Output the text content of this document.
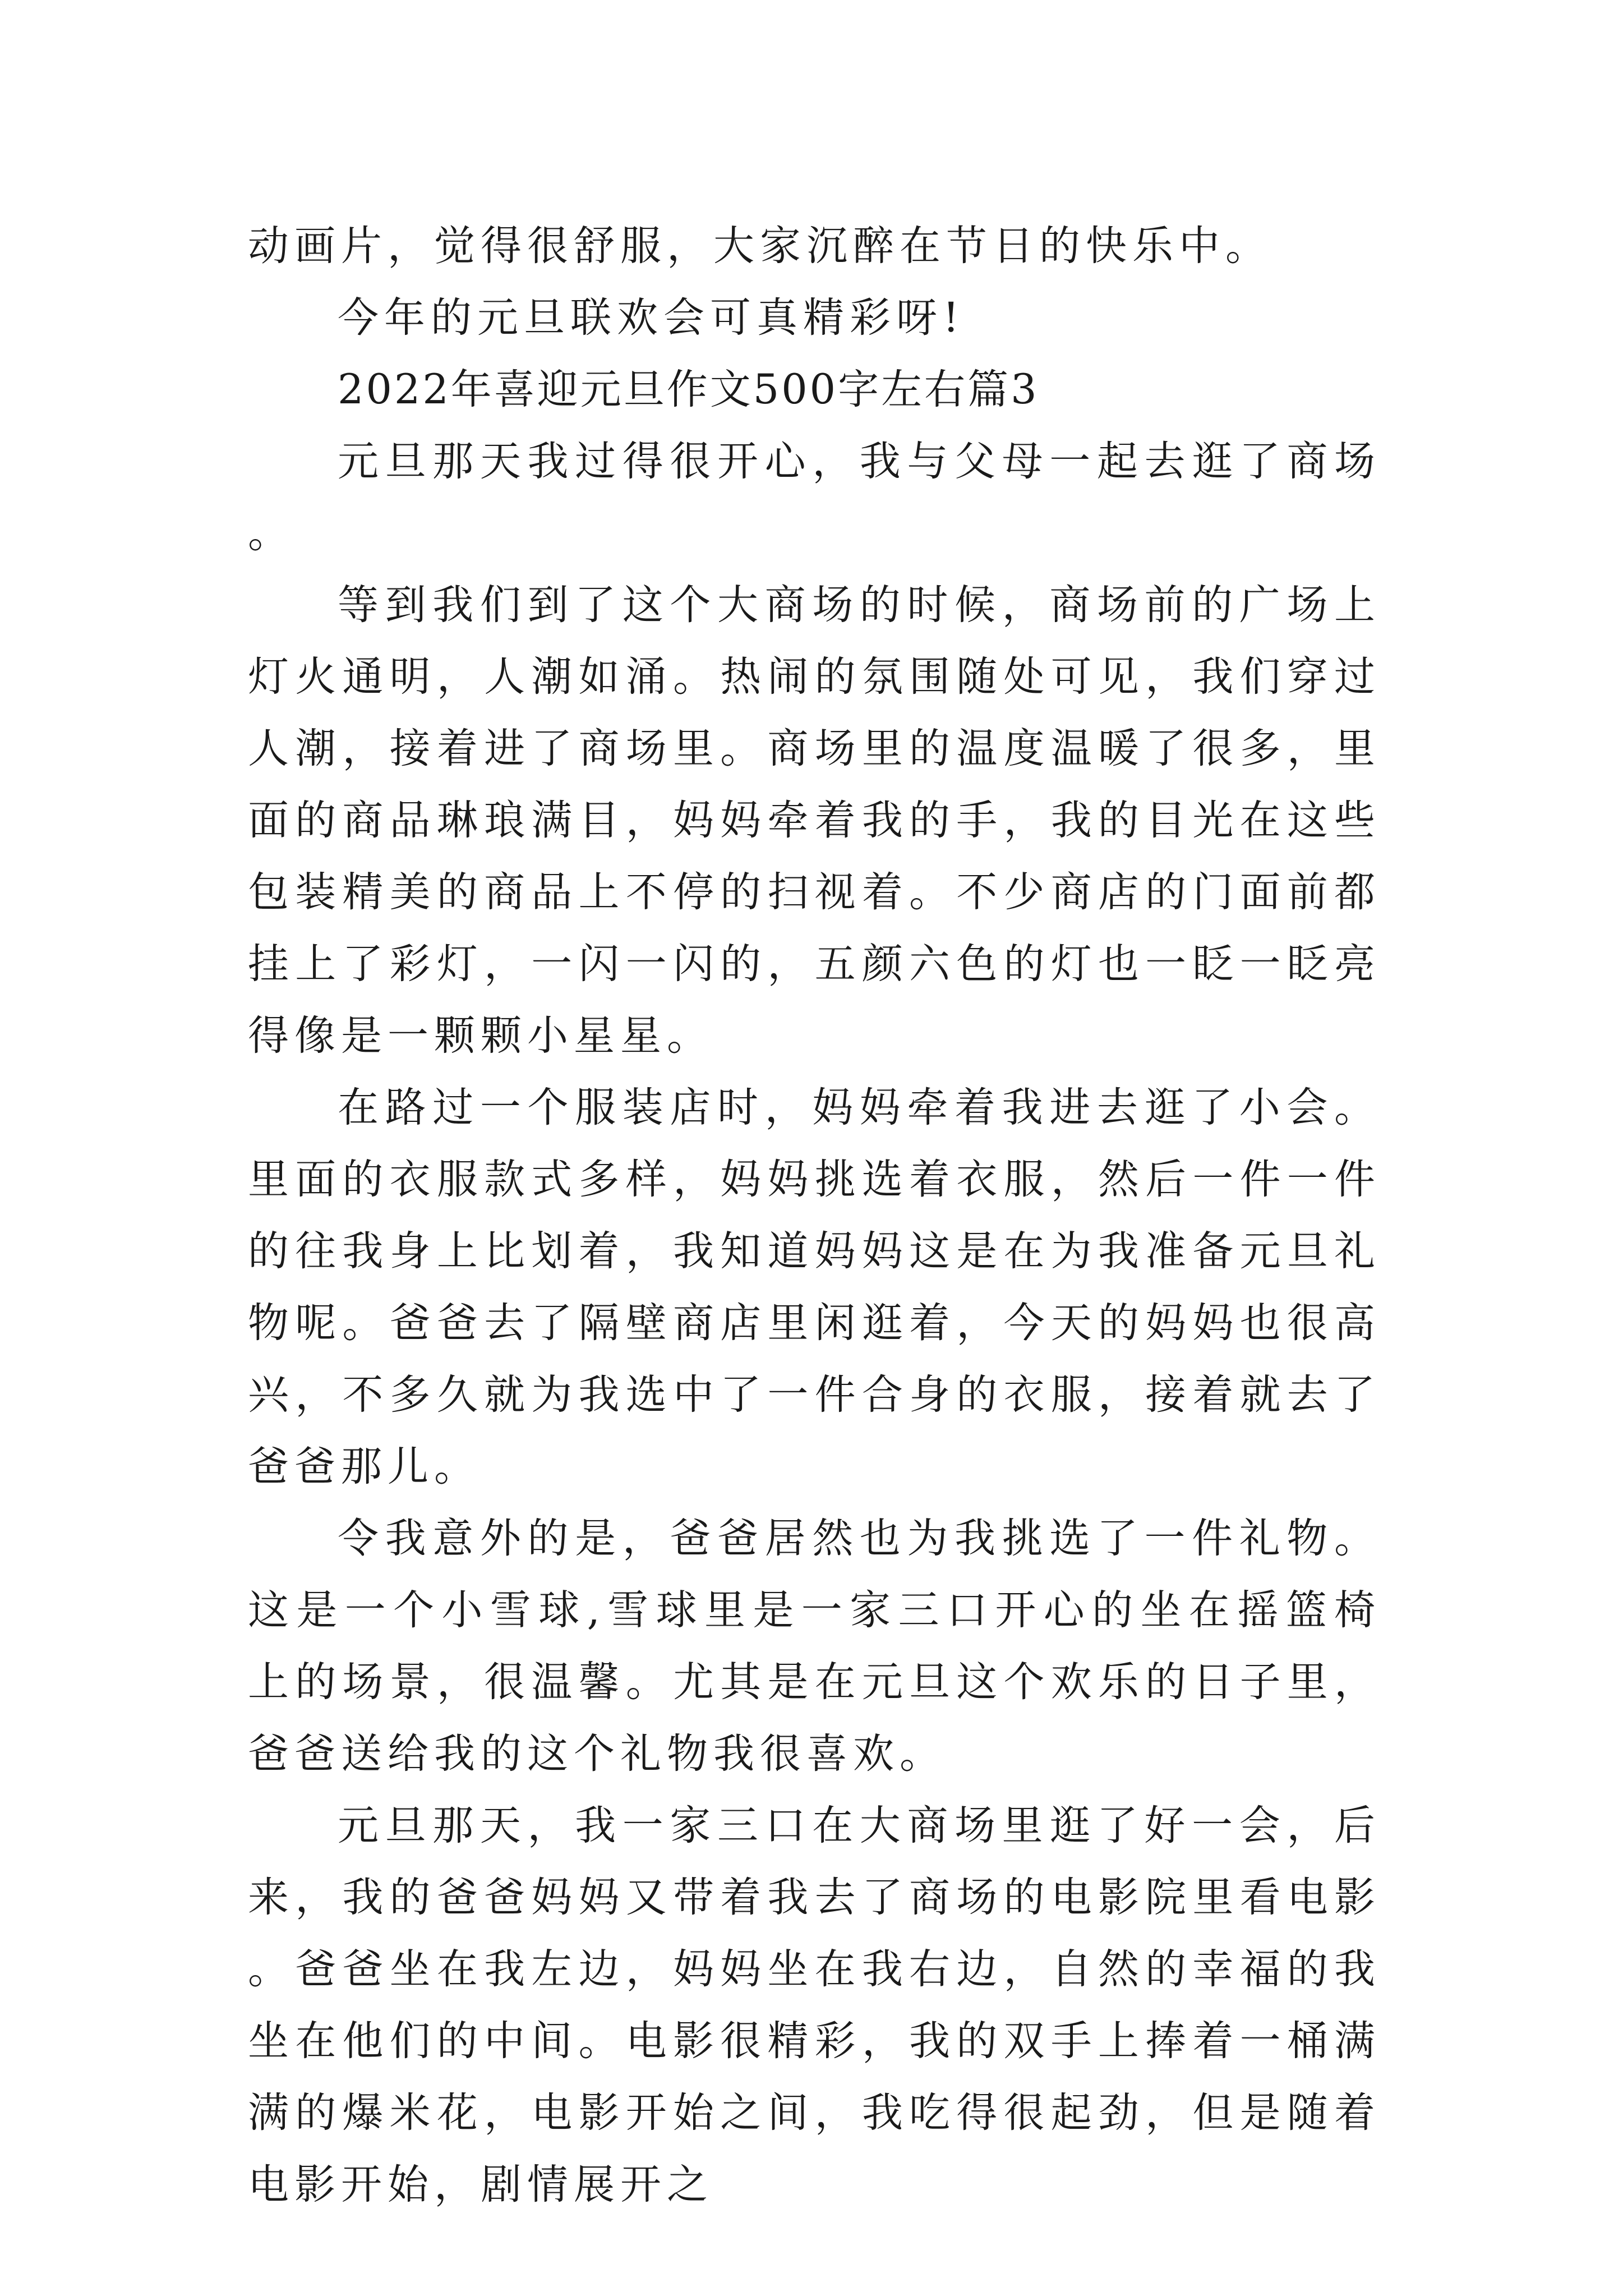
动画片，觉得很舒服，大家沉醉在节日的快乐中。

今年的元旦联欢会可真精彩呀!

2022年喜迎元旦作文500字左右篇3

元旦那天我过得很开心，我与父母一起去逛了商场。

等到我们到了这个大商场的时候，商场前的广场上灯火通明，人潮如涌。热闹的氛围随处可见，我们穿过人潮，接着进了商场里。商场里的温度温暖了很多，里面的商品琳琅满目，妈妈牵着我的手，我的目光在这些包装精美的商品上不停的扫视着。不少商店的门面前都挂上了彩灯，一闪一闪的，五颜六色的灯也一眨一眨亮得像是一颗颗小星星。

在路过一个服装店时，妈妈牵着我进去逛了小会。里面的衣服款式多样，妈妈挑选着衣服，然后一件一件的往我身上比划着，我知道妈妈这是在为我准备元旦礼物呢。爸爸去了隔壁商店里闲逛着，今天的妈妈也很高兴，不多久就为我选中了一件合身的衣服，接着就去了爸爸那儿。

令我意外的是，爸爸居然也为我挑选了一件礼物。这是一个小雪球,雪球里是一家三口开心的坐在摇篮椅上的场景，很温馨。尤其是在元旦这个欢乐的日子里，爸爸送给我的这个礼物我很喜欢。

元旦那天，我一家三口在大商场里逛了好一会，后来，我的爸爸妈妈又带着我去了商场的电影院里看电影。爸爸坐在我左边，妈妈坐在我右边，自然的幸福的我坐在他们的中间。电影很精彩，我的双手上捧着一桶满满的爆米花，电影开始之间，我吃得很起劲，但是随着电影开始，剧情展开之
